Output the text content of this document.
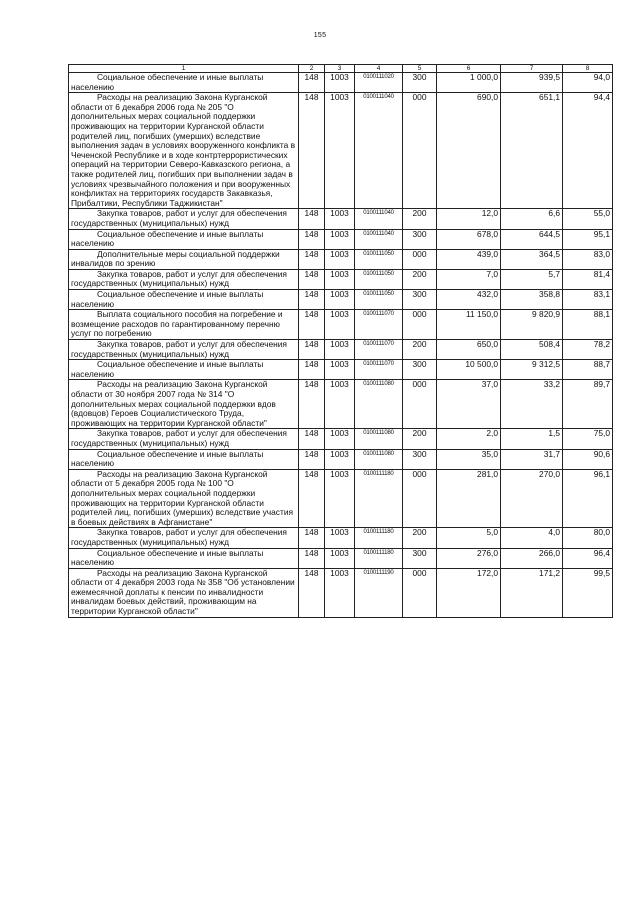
155
1	2	3	4	5	6	7	8
Социальное обеспечение и иные выплаты населению	148	1003	0100111020	300	1 000,0	939,5	94,0
Расходы на реализацию Закона Курганской области от 6 декабря 2006 года № 205 "О дополнительных мерах социальной поддержки проживающих на территории Курганской области родителей лиц, погибших (умерших) вследствие выполнения задач в условиях вооруженного конфликта в Чеченской Республике и в ходе контртеррористических операций на территории Северо-Кавказского региона, а также родителей лиц, погибших при выполнении задач в условиях чрезвычайного положения и при вооруженных конфликтах на территориях государств Закавказья, Прибалтики, Республики Таджикистан"	148	1003	0100111040	000	690,0	651,1	94,4
Закупка товаров, работ и услуг для обеспечения государственных (муниципальных) нужд	148	1003	0100111040	200	12,0	6,6	55,0
Социальное обеспечение и иные выплаты населению	148	1003	0100111040	300	678,0	644,5	95,1
Дополнительные меры социальной поддержки инвалидов по зрению	148	1003	0100111050	000	439,0	364,5	83,0
Закупка товаров, работ и услуг для обеспечения государственных (муниципальных) нужд	148	1003	0100111050	200	7,0	5,7	81,4
Социальное обеспечение и иные выплаты населению	148	1003	0100111050	300	432,0	358,8	83,1
Выплата социального пособия на погребение и возмещение расходов по гарантированному перечню услуг по погребению	148	1003	0100111070	000	11 150,0	9 820,9	88,1
Закупка товаров, работ и услуг для обеспечения государственных (муниципальных) нужд	148	1003	0100111070	200	650,0	508,4	78,2
Социальное обеспечение и иные выплаты населению	148	1003	0100111070	300	10 500,0	9 312,5	88,7
Расходы на реализацию Закона Курганской области от 30 ноября 2007 года № 314 "О дополнительных мерах социальной поддержки вдов (вдовцов) Героев Социалистического Труда, проживающих на территории Курганской области"	148	1003	0100111080	000	37,0	33,2	89,7
Закупка товаров, работ и услуг для обеспечения государственных (муниципальных) нужд	148	1003	0100111080	200	2,0	1,5	75,0
Социальное обеспечение и иные выплаты населению	148	1003	0100111080	300	35,0	31,7	90,6
Расходы на реализацию Закона Курганской области от 5 декабря 2005 года № 100 "О дополнительных мерах социальной поддержки проживающих на территории Курганской области родителей лиц, погибших (умерших) вследствие участия в боевых действиях в Афганистане"	148	1003	0100111180	000	281,0	270,0	96,1
Закупка товаров, работ и услуг для обеспечения государственных (муниципальных) нужд	148	1003	0100111180	200	5,0	4,0	80,0
Социальное обеспечение и иные выплаты населению	148	1003	0100111180	300	276,0	266,0	96,4
Расходы на реализацию Закона Курганской области от 4 декабря 2003 года № 358 "Об установлении ежемесячной доплаты к пенсии по инвалидности инвалидам боевых действий, проживающим на территории Курганской области"	148	1003	0100111190	000	172,0	171,2	99,5
